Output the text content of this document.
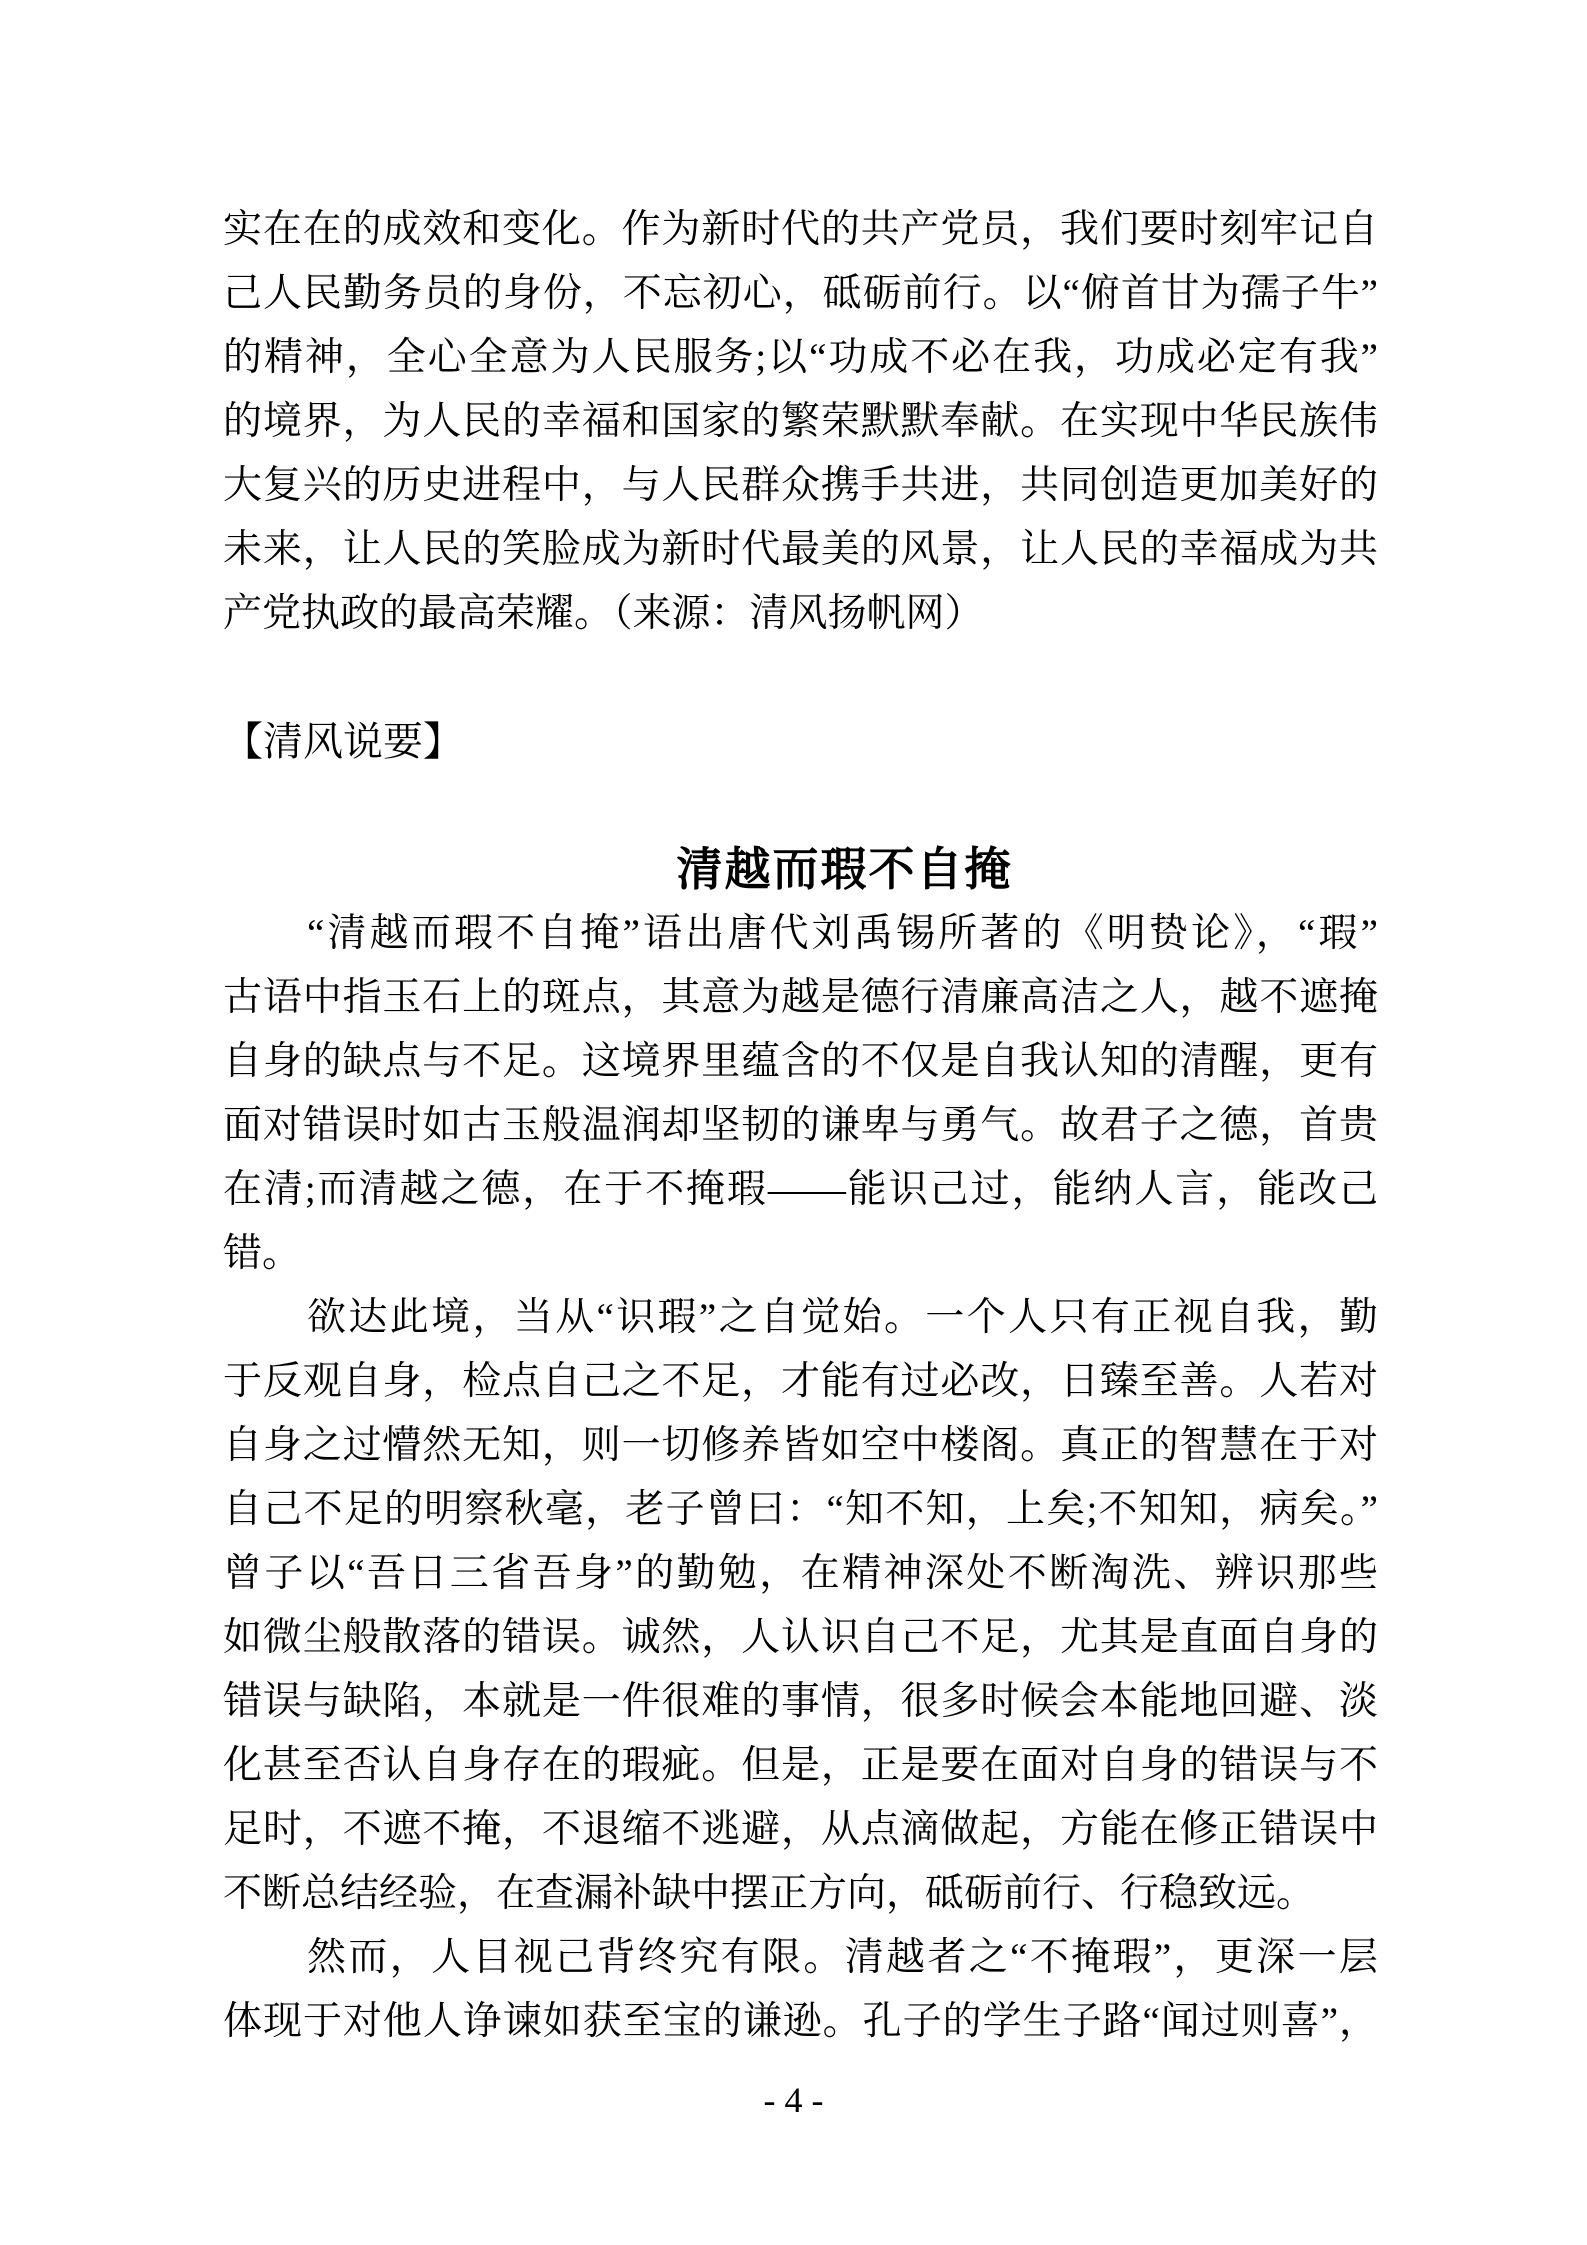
实在在的成效和变化。作为新时代的共产党员，我们要时刻牢记自
己人民勤务员的身份，不忘初心，砥砺前行。以“俯首甘为孺子牛”
的精神，全心全意为人民服务;以“功成不必在我，功成必定有我”
的境界，为人民的幸福和国家的繁荣默默奉献。在实现中华民族伟
大复兴的历史进程中，与人民群众携手共进，共同创造更加美好的
未来，让人民的笑脸成为新时代最美的风景，让人民的幸福成为共
产党执政的最高荣耀。（来源：清风扬帆网）
【清风说要】
清越而瑕不自掩
“清越而瑕不自掩”语出唐代刘禹锡所著的《明贽论》，“瑕”
古语中指玉石上的斑点，其意为越是德行清廉高洁之人，越不遮掩
自身的缺点与不足。这境界里蕴含的不仅是自我认知的清醒，更有
面对错误时如古玉般温润却坚韧的谦卑与勇气。故君子之德，首贵
在清;而清越之德，在于不掩瑕——能识己过，能纳人言，能改己
错。
欲达此境，当从“识瑕”之自觉始。一个人只有正视自我，勤
于反观自身，检点自己之不足，才能有过必改，日臻至善。人若对
自身之过懵然无知，则一切修养皆如空中楼阁。真正的智慧在于对
自己不足的明察秋毫，老子曾曰：“知不知，上矣;不知知，病矣。”
曾子以“吾日三省吾身”的勤勉，在精神深处不断淘洗、辨识那些
如微尘般散落的错误。诚然，人认识自己不足，尤其是直面自身的
错误与缺陷，本就是一件很难的事情，很多时候会本能地回避、淡
化甚至否认自身存在的瑕疵。但是，正是要在面对自身的错误与不
足时，不遮不掩，不退缩不逃避，从点滴做起，方能在修正错误中
不断总结经验，在查漏补缺中摆正方向，砥砺前行、行稳致远。
然而，人目视己背终究有限。清越者之“不掩瑕”，更深一层
体现于对他人诤谏如获至宝的谦逊。孔子的学生子路“闻过则喜”，
- 4 -
